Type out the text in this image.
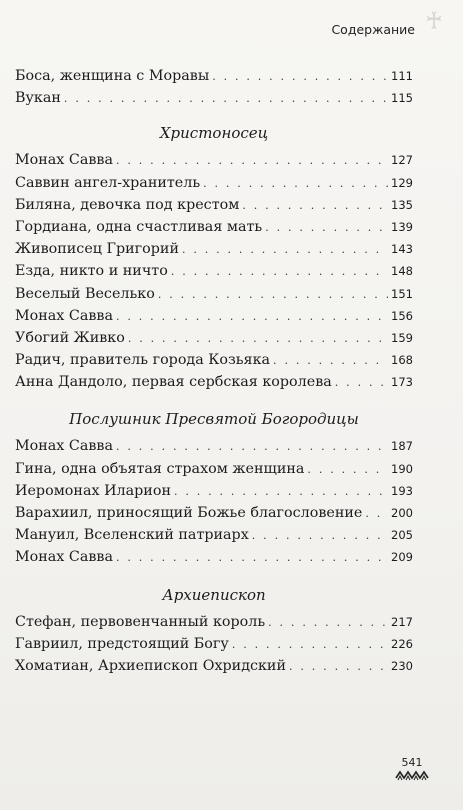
♰
Содержание
Боса, женщина с Моравы . . .	111
Вукан . . .	115
Христоносец
Монах Савва . . .	127
Саввин ангел-хранитель . . .	129
Биляна, девочка под крестом . . .	135
Гордиана, одна счастливая мать . . .	139
Живописец Григорий . . .	143
Езда, никто и ничто . . .	148
Веселый Веселько . . .	151
Монах Савва . . .	156
Убогий Живко . . .	159
Радич, правитель города Козьяка . . .	168
Анна Дандоло, первая сербская королева . . .	173
Послушник Пресвятой Богородицы
Монах Савва . . .	187
Гина, одна объятая страхом женщина . . .	190
Иеромонах Иларион . . .	193
Варахиил, приносящий Божье благословение . . . 200
Мануил, Вселенский патриарх . . .	205
Монах Савва . . .	209
Архиепископ
Стефан, первовенчанный король . . .	217
Гавриил, предстоящий Богу . . .	226
Хоматиан, Архиепископ Охридский . . .	230
541
